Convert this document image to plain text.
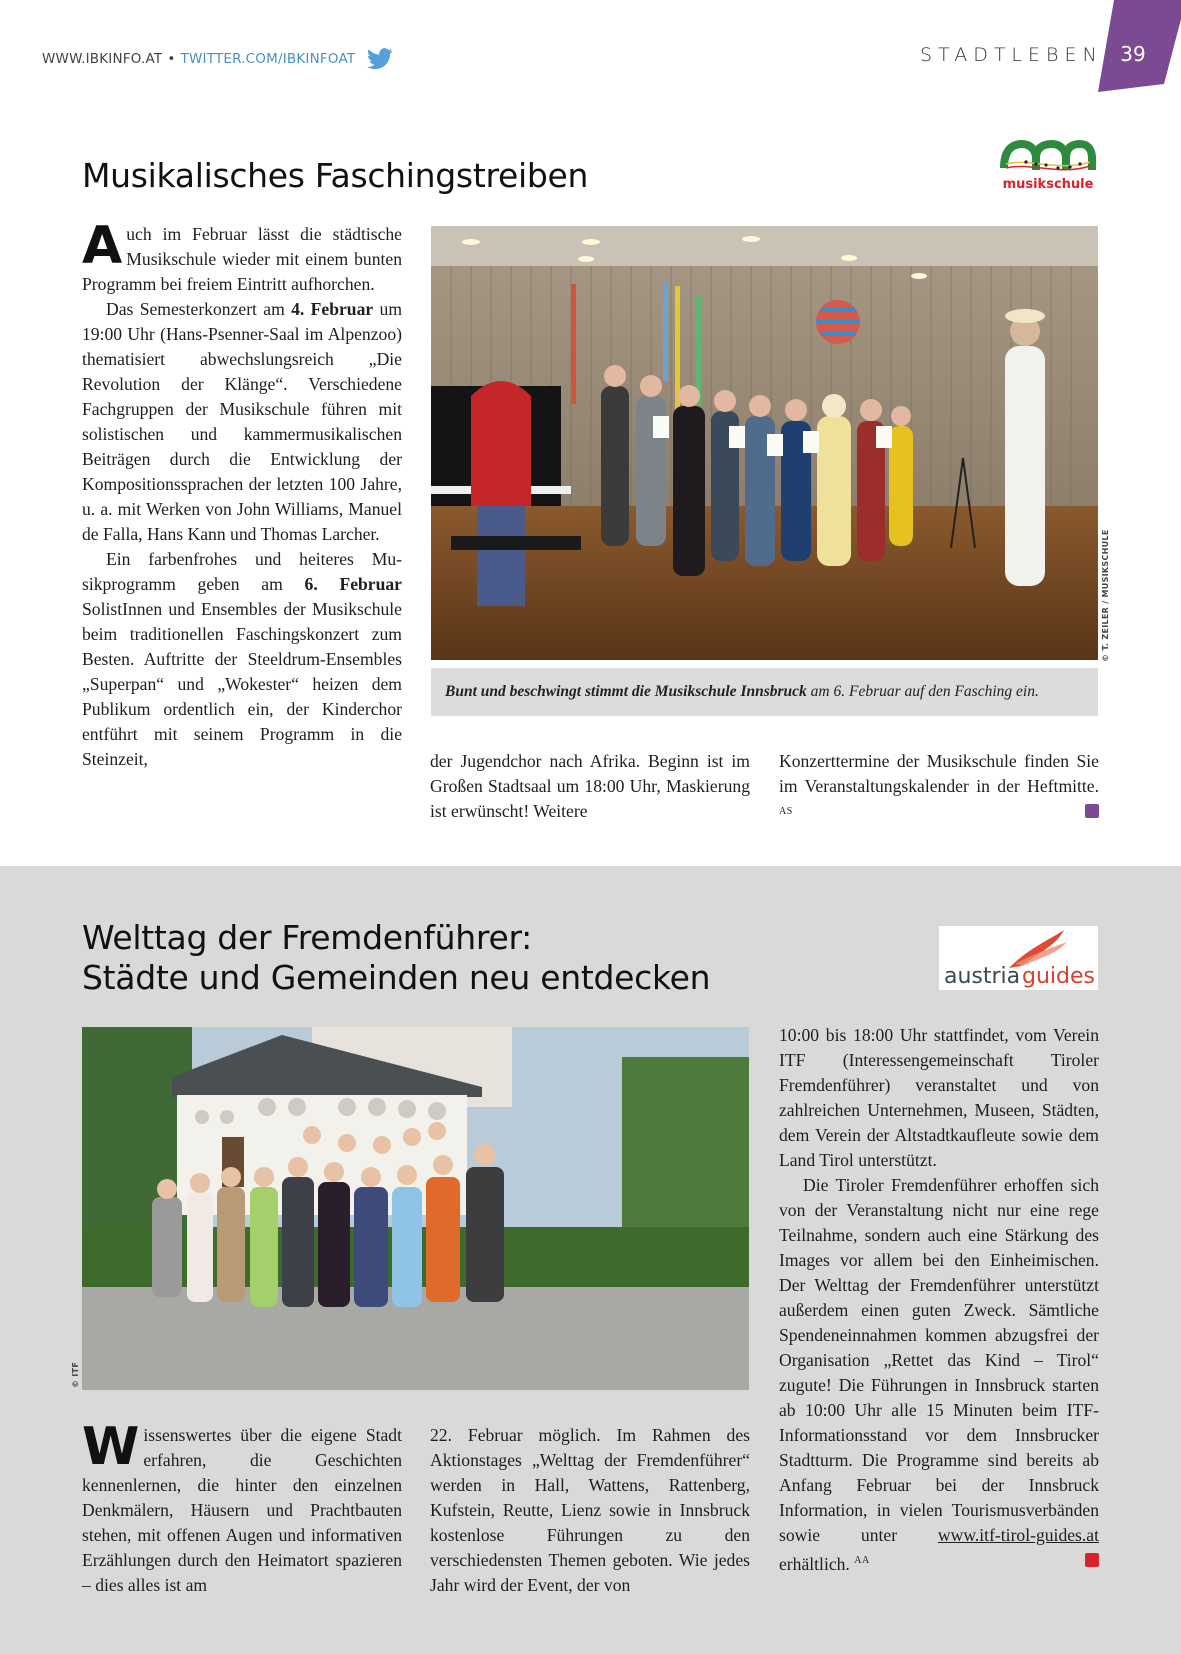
WWW.IBKINFO.AT • TWITTER.COM/IBKINFOAT	STADTLEBEN 39
Musikalisches Faschingstreiben	musikschule

Auch im Februar lässt die städtische Musikschule wieder mit einem bunten Programm bei freiem Eintritt aufhorchen.

Das Semesterkonzert am 4. Februar um 19:00 Uhr (Hans-Psenner-Saal im Alpenzoo) thematisiert abwechslungsreich „Die Revolution der Klänge“. Verschiedene Fachgruppen der Musikschule führen mit solistischen und kammermusikalischen Beiträgen durch die Entwicklung der Kompositionssprachen der letzten 100 Jahre, u. a. mit Werken von John Williams, Manuel de Falla, Hans Kann und Thomas Larcher.

Ein farbenfrohes und heiteres Musikprogramm geben am 6. Februar SolistInnen und Ensembles der Musikschule beim traditionellen Faschingskonzert zum Besten. Auftritte der Steeldrum-Ensembles „Superpan“ und „Wokester“ heizen dem Publikum ordentlich ein, der Kinderchor entführt mit seinem Programm in die Steinzeit,

© T. ZEILER / MUSIKSCHULE
Bunt und beschwingt stimmt die Musikschule Innsbruck am 6. Februar auf den Fasching ein.

der Jugendchor nach Afrika. Beginn ist im Großen Stadtsaal um 18:00 Uhr, Maskierung ist erwünscht! Weitere

Konzerttermine der Musikschule finden Sie im Veranstaltungskalender in der Heftmitte. $^{AS}$

Welttag der Fremdenführer:
Städte und Gemeinden neu entdecken	austria guides
© ITF

Wissenswertes über die eigene Stadt erfahren, die Geschichten kennenlernen, die hinter den einzelnen Denkmälern, Häusern und Prachtbauten stehen, mit offenen Augen und informativen Erzählungen durch den Heimatort spazieren – dies alles ist am

22. Februar möglich. Im Rahmen des Aktionstages „Welttag der Fremdenführer“ werden in Hall, Wattens, Rattenberg, Kufstein, Reutte, Lienz sowie in Innsbruck kostenlose Führungen zu den verschiedensten Themen geboten. Wie jedes Jahr wird der Event, der von

10:00 bis 18:00 Uhr stattfindet, vom Verein ITF (Interessengemeinschaft Tiroler Fremdenführer) veranstaltet und von zahlreichen Unternehmen, Museen, Städten, dem Verein der Altstadtkaufleute sowie dem Land Tirol unterstützt.

Die Tiroler Fremdenführer erhoffen sich von der Veranstaltung nicht nur eine rege Teilnahme, sondern auch eine Stärkung des Images vor allem bei den Einheimischen. Der Welttag der Fremdenführer unterstützt außerdem einen guten Zweck. Sämtliche Spendeneinnahmen kommen abzugsfrei der Organisation „Rettet das Kind – Tirol“ zugute! Die Führungen in Innsbruck starten ab 10:00 Uhr alle 15 Minuten beim ITF-Informationsstand vor dem Innsbrucker Stadtturm. Die Programme sind bereits ab Anfang Februar bei der Innsbruck Information, in vielen Tourismusverbänden sowie unter www.itf-tirol-guides.at erhältlich. $^{AA}$
